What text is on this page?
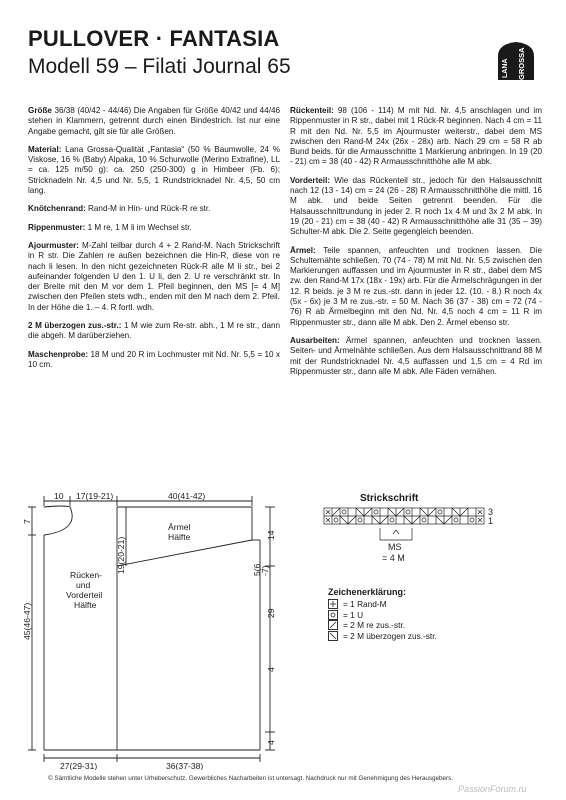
PULLOVER · FANTASIA
Modell 59 – Filati Journal 65	LANA GROSSA

Größe 36/38 (40/42 - 44/46) Die Angaben für Größe 40/42 und 44/46 stehen in Klammern, getrennt durch einen Bindestrich. Ist nur eine Angabe gemacht, gilt sie für alle Größen.

Material: Lana Grossa-Qualität „Fantasia“ (50 % Baumwolle, 24 % Viskose, 16 % (Baby) Alpaka, 10 % Schurwolle (Merino Extrafine), LL = ca. 125 m/50 g): ca. 250 (250-300) g in Himbeer (Fb. 6); Stricknadeln Nr. 4,5 und Nr. 5,5, 1 Rundstricknadel Nr. 4,5, 50 cm lang.

Knötchenrand: Rand-M in Hin- und Rück-R re str.

Rippenmuster: 1 M re, 1 M li im Wechsel str.

Ajourmuster: M-Zahl teilbar durch 4 + 2 Rand-M. Nach Strickschrift in R str. Die Zahlen re außen bezeichnen die Hin-R, diese von re nach li lesen. In den nicht gezeichneten Rück-R alle M li str., bei 2 aufeinander folgenden U den 1. U li, den 2. U re verschränkt str. In der Breite mit den M vor dem 1. Pfeil beginnen, den MS [= 4 M] zwischen den Pfeilen stets wdh., enden mit den M nach dem 2. Pfeil. In der Höhe die 1. – 4. R fortl. wdh.

2 M überzogen zus.-str.: 1 M wie zum Re-str. abh., 1 M re str., dann die abgeh. M darüberziehen.

Maschenprobe: 18 M und 20 R im Lochmuster mit Nd. Nr. 5,5 = 10 x 10 cm.

Rückenteil: 98 (106 - 114) M mit Nd. Nr. 4,5 anschlagen und im Rippenmuster in R str., dabei mit 1 Rück-R beginnen. Nach 4 cm = 11 R mit den Nd. Nr. 5,5 im Ajourmuster weiterstr., dabei dem MS zwischen den Rand-M 24x (26x - 28x) arb. Nach 29 cm = 58 R ab Bund beids. für die Armausschnitte 1 Markierung anbringen. In 19 (20 - 21) cm = 38 (40 - 42) R Armausschnitthöhe alle M abk.

Vorderteil: Wie das Rückenteil str., jedoch für den Halsausschnitt nach 12 (13 - 14) cm = 24 (26 - 28) R Armausschnitthöhe die mittl. 16 M abk. und beide Seiten getrennt beenden. Für die Halsausschnittrundung in jeder 2. R noch 1x 4 M und 3x 2 M abk. In 19 (20 - 21) cm = 38 (40 - 42) R Armausschnitthöhe alle 31 (35 – 39) Schulter-M abk. Die 2. Seite gegengleich beenden.

Ärmel: Teile spannen, anfeuchten und trocknen lassen. Die Schulternähte schließen. 70 (74 - 78) M mit Nd. Nr. 5,5 zwischen den Markierungen auffassen und im Ajourmuster in R str., dabei dem MS zw. den Rand-M 17x (18x - 19x) arb. Für die Ärmelschrägungen in der 12. R beids. je 3 M re zus.-str. dann in jeder 12. (10. - 8.) R noch 4x (5x - 6x) je 3 M re zus.-str. = 50 M. Nach 36 (37 - 38) cm = 72 (74 - 76) R ab Ärmelbeginn mit den Nd. Nr. 4,5 noch 4 cm = 11 R im Rippenmuster str., dann alle M abk. Den 2. Ärmel ebenso str.

Ausarbeiten: Ärmel spannen, anfeuchten und trocknen lassen. Seiten- und Ärmelnähte schließen. Aus dem Halsausschnittrand 88 M mit der Rundstricknadel Nr. 4,5 auffassen und 1,5 cm = 4 Rd im Rippenmuster str., dann alle M abk. Alle Fäden vernähen.

10 17(19-21)	40(41-42)
7
45(46-47)
19(20-21)
Rücken-
und
Vorderteil
Hälfte
Ärmel
Hälfte	14
5(6
-7)
29
4
4
27(29-31)	36(37-38)
Strickschrift
3
1
MS
= 4 M
Zeichenerklärung:
= 1 Rand-M
= 1 U
= 2 M re zus.-str.
= 2 M überzogen zus.-str.
© Sämtliche Modelle stehen unter Urheberschutz. Gewerbliches Nacharbeiten ist untersagt. Nachdruck nur mit Genehmigung des Herausgebers.
PassionForum.ru
